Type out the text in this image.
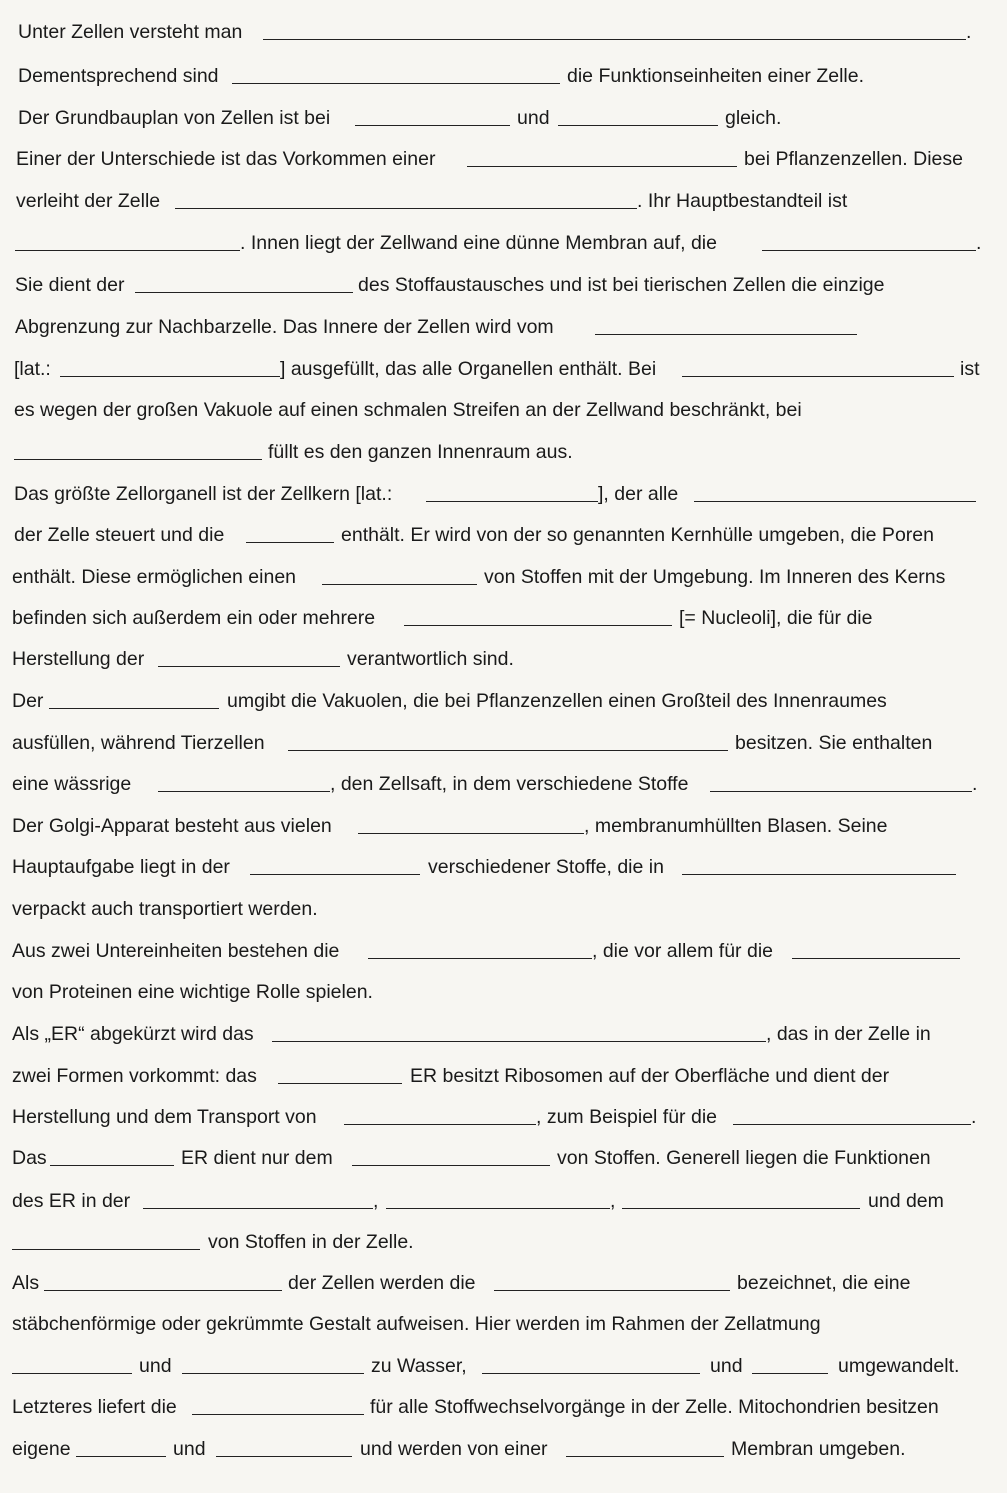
Unter Zellen versteht man	.
Dementsprechend sind	die Funktionseinheiten einer Zelle.
Der Grundbauplan von Zellen ist bei	und	gleich.
Einer der Unterschiede ist das Vorkommen einer	bei Pflanzenzellen. Diese
verleiht der Zelle	. Ihr Hauptbestandteil ist
. Innen liegt der Zellwand eine dünne Membran auf, die	.
Sie dient der	des Stoffaustausches und ist bei tierischen Zellen die einzige
Abgrenzung zur Nachbarzelle. Das Innere der Zellen wird vom
[lat.:	] ausgefüllt, das alle Organellen enthält. Bei	ist
es wegen der großen Vakuole auf einen schmalen Streifen an der Zellwand beschränkt, bei
füllt es den ganzen Innenraum aus.
Das größte Zellorganell ist der Zellkern [lat.:	], der alle
der Zelle steuert und die	enthält. Er wird von der so genannten Kernhülle umgeben, die Poren
enthält. Diese ermöglichen einen	von Stoffen mit der Umgebung. Im Inneren des Kerns
befinden sich außerdem ein oder mehrere	[= Nucleoli], die für die
Herstellung der	verantwortlich sind.
Der	umgibt die Vakuolen, die bei Pflanzenzellen einen Großteil des Innenraumes
ausfüllen, während Tierzellen	besitzen. Sie enthalten
eine wässrige	, den Zellsaft, in dem verschiedene Stoffe	.
Der Golgi-Apparat besteht aus vielen	, membranumhüllten Blasen. Seine
Hauptaufgabe liegt in der	verschiedener Stoffe, die in
verpackt auch transportiert werden.
Aus zwei Untereinheiten bestehen die	, die vor allem für die
von Proteinen eine wichtige Rolle spielen.
Als „ER“ abgekürzt wird das	, das in der Zelle in
zwei Formen vorkommt: das	ER besitzt Ribosomen auf der Oberfläche und dient der
Herstellung und dem Transport von	, zum Beispiel für die	.
Das	ER dient nur dem	von Stoffen. Generell liegen die Funktionen
des ER in der	,	,	und dem
von Stoffen in der Zelle.
Als	der Zellen werden die	bezeichnet, die eine
stäbchenförmige oder gekrümmte Gestalt aufweisen. Hier werden im Rahmen der Zellatmung
und	zu Wasser,	und	umgewandelt.
Letzteres liefert die	für alle Stoffwechselvorgänge in der Zelle. Mitochondrien besitzen
eigene	und	und werden von einer	Membran umgeben.
